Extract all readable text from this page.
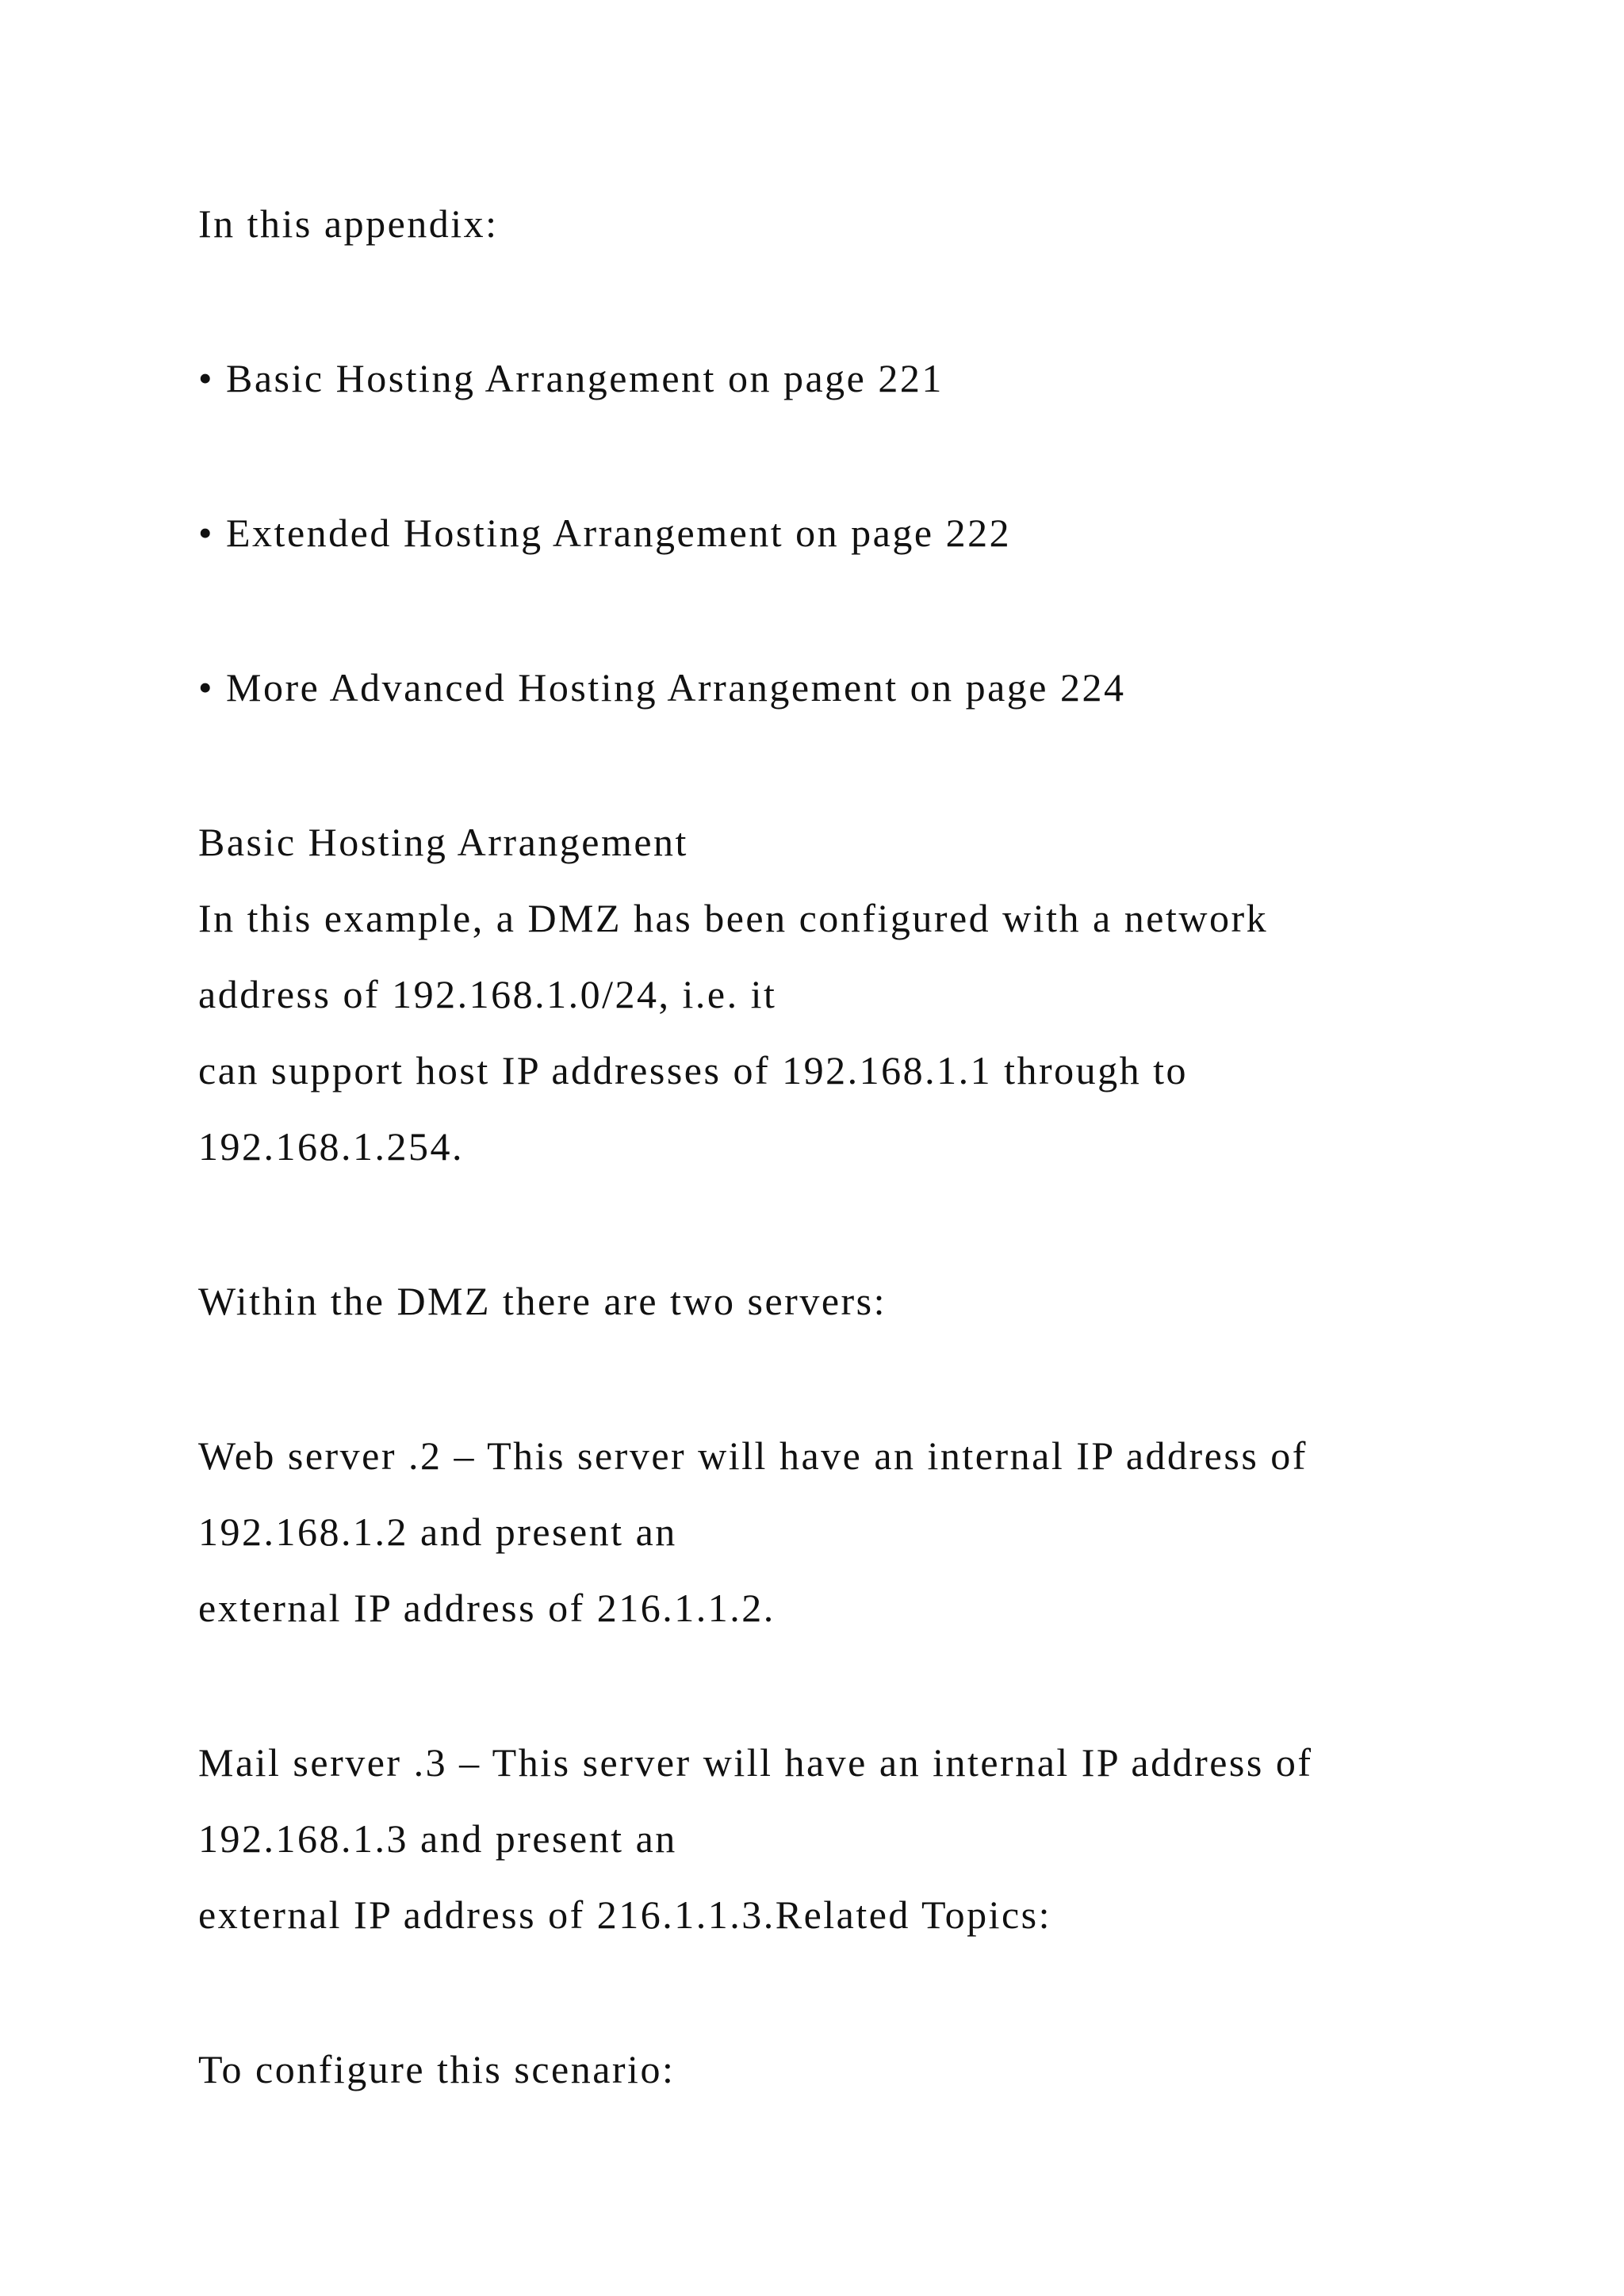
In this appendix:
• Basic Hosting Arrangement on page 221
• Extended Hosting Arrangement on page 222
• More Advanced Hosting Arrangement on page 224
Basic Hosting Arrangement
In this example, a DMZ has been configured with a network
address of 192.168.1.0/24, i.e. it
can support host IP addresses of 192.168.1.1 through to
192.168.1.254.
Within the DMZ there are two servers:
Web server .2 – This server will have an internal IP address of
192.168.1.2 and present an
external IP address of 216.1.1.2.
Mail server .3 – This server will have an internal IP address of
192.168.1.3 and present an
external IP address of 216.1.1.3.Related Topics:
To configure this scenario:
